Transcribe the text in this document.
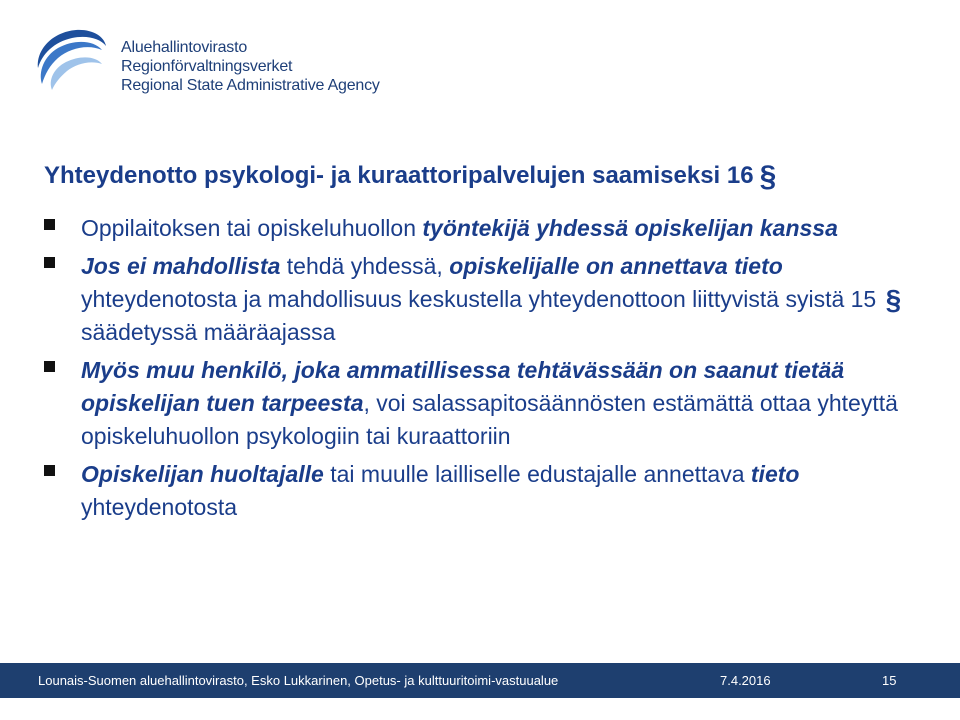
Aluehallintovirasto
Regionförvaltningsverket
Regional State Administrative Agency
Yhteydenotto psykologi- ja kuraattoripalvelujen saamiseksi 16 §
Oppilaitoksen tai opiskeluhuollon työntekijä yhdessä opiskelijan kanssa
Jos ei mahdollista tehdä yhdessä, opiskelijalle on annettava tieto yhteydenotosta ja mahdollisuus keskustella yhteydenottoon liittyvistä syistä 15 § säädetyssä määräajassa
Myös muu henkilö, joka ammatillisessa tehtävässään on saanut tietää opiskelijan tuen tarpeesta, voi salassapitosäännösten estämättä ottaa yhteyttä opiskeluhuollon psykologiin tai kuraattoriin
Opiskelijan huoltajalle tai muulle lailliselle edustajalle annettava tieto yhteydenotosta
Lounais-Suomen aluehallintovirasto, Esko Lukkarinen, Opetus- ja kulttuuritoimi-vastuualue	7.4.2016	15
